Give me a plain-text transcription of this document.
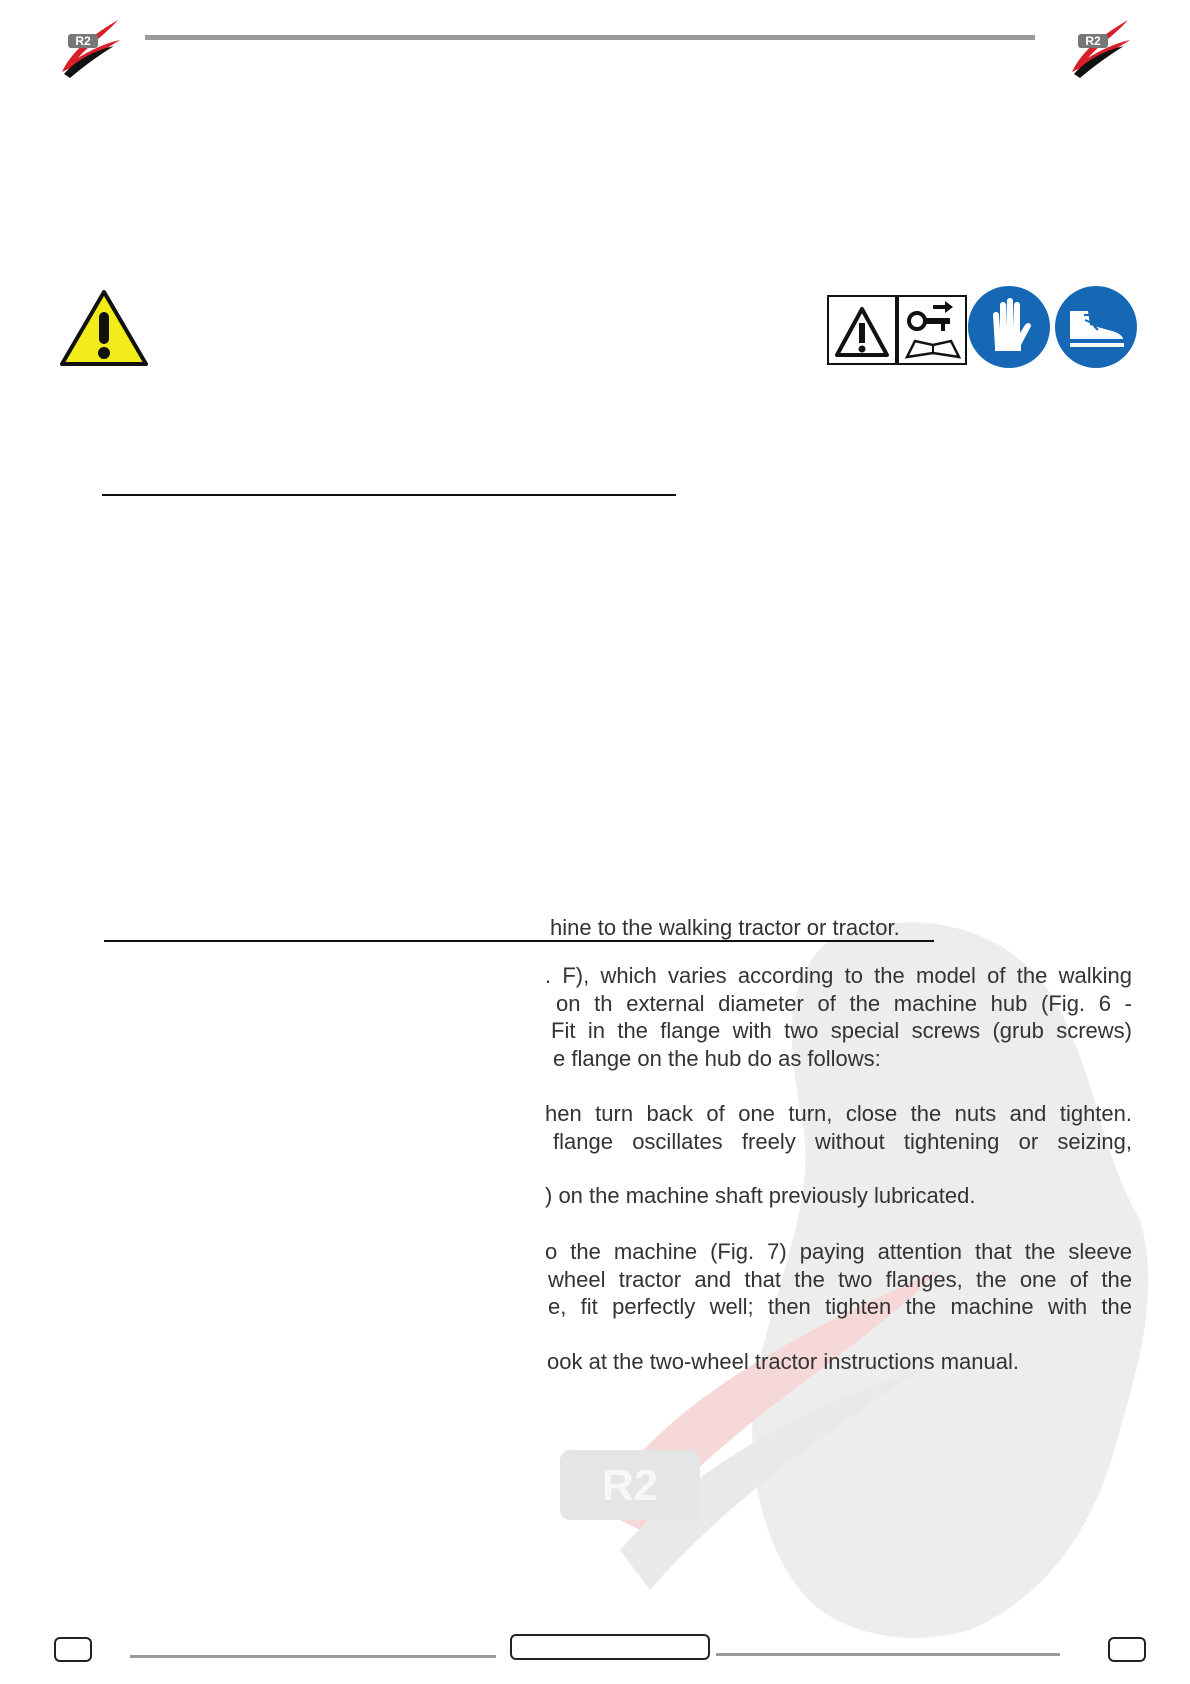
R2	R2
R2
hine to the walking tractor or tractor.
. F), which varies according to the model of the walking
on th external diameter of the machine hub (Fig. 6 -
Fit in the flange with two special screws (grub screws)
e flange on the hub do as follows:
hen turn back of one turn, close the nuts and tighten.
flange oscillates freely without tightening or seizing,
) on the machine shaft previously lubricated.
o the machine (Fig. 7) paying attention that the sleeve
wheel tractor and that the two flanges, the one of the
e, fit perfectly well; then tighten the machine with the
ook at the two-wheel tractor instructions manual.
